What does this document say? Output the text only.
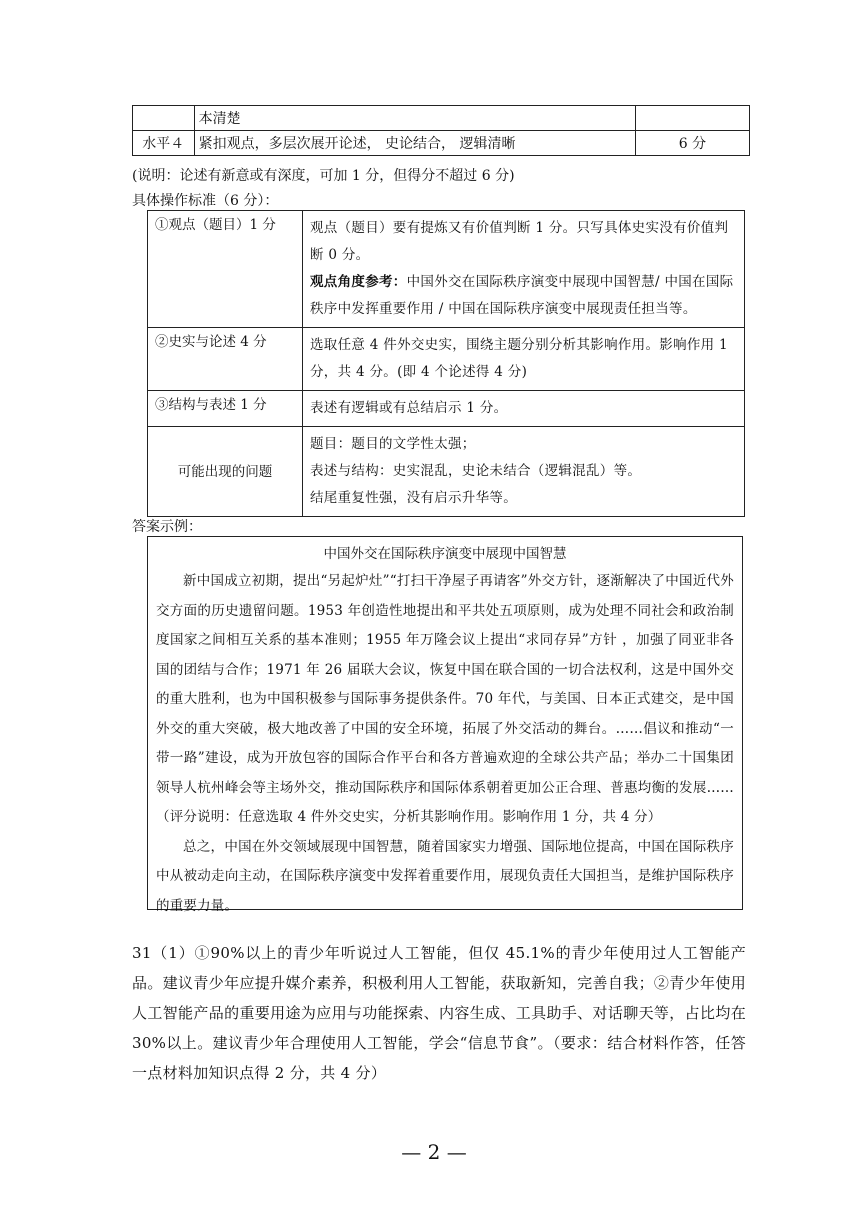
	本清楚	
水平４	紧扣观点，多层次展开论述， 史论结合， 逻辑清晰	6 分
(说明：论述有新意或有深度，可加 1 分，但得分不超过 6 分)
具体操作标准（6 分）：
①观点（题目）1 分	观点（题目）要有提炼又有价值判断 1 分。只写具体史实没有价值判断 0 分。
观点角度参考：中国外交在国际秩序演变中展现中国智慧/ 中国在国际秩序中发挥重要作用 / 中国在国际秩序演变中展现责任担当等。

②史实与论述 4 分	选取任意 4 件外交史实，围绕主题分别分析其影响作用。影响作用 1 分，共 4 分。(即 4 个论述得 4 分)
③结构与表述 1 分	表述有逻辑或有总结启示 1 分。
可能出现的问题	题目：题目的文学性太强；
表述与结构：史实混乱，史论未结合（逻辑混乱）等。
结尾重复性强，没有启示升华等。
答案示例：
中国外交在国际秩序演变中展现中国智慧

新中国成立初期，提出“另起炉灶”“打扫干净屋子再请客”外交方针，逐渐解决了中国近代外交方面的历史遗留问题。1953 年创造性地提出和平共处五项原则，成为处理不同社会和政治制度国家之间相互关系的基本准则；1955 年万隆会议上提出“求同存异”方针 ，加强了同亚非各国的团结与合作；1971 年 26 届联大会议，恢复中国在联合国的一切合法权利，这是中国外交的重大胜利，也为中国积极参与国际事务提供条件。70 年代，与美国、日本正式建交，是中国外交的重大突破，极大地改善了中国的安全环境，拓展了外交活动的舞台。……倡议和推动“一带一路”建设，成为开放包容的国际合作平台和各方普遍欢迎的全球公共产品；举办二十国集团领导人杭州峰会等主场外交，推动国际秩序和国际体系朝着更加公正合理、普惠均衡的发展……（评分说明：任意选取 4 件外交史实，分析其影响作用。影响作用 1 分，共 4 分）

总之，中国在外交领域展现中国智慧，随着国家实力增强、国际地位提高，中国在国际秩序中从被动走向主动，在国际秩序演变中发挥着重要作用，展现负责任大国担当，是维护国际秩序的重要力量。

31（1）①90%以上的青少年听说过人工智能，但仅 45.1%的青少年使用过人工智能产品。建议青少年应提升媒介素养，积极利用人工智能，获取新知，完善自我；②青少年使用人工智能产品的重要用途为应用与功能探索、内容生成、工具助手、对话聊天等，占比均在 30%以上。建议青少年合理使用人工智能，学会“信息节食”。（要求：结合材料作答，任答一点材料加知识点得 2 分，共 4 分）
— 2 —
